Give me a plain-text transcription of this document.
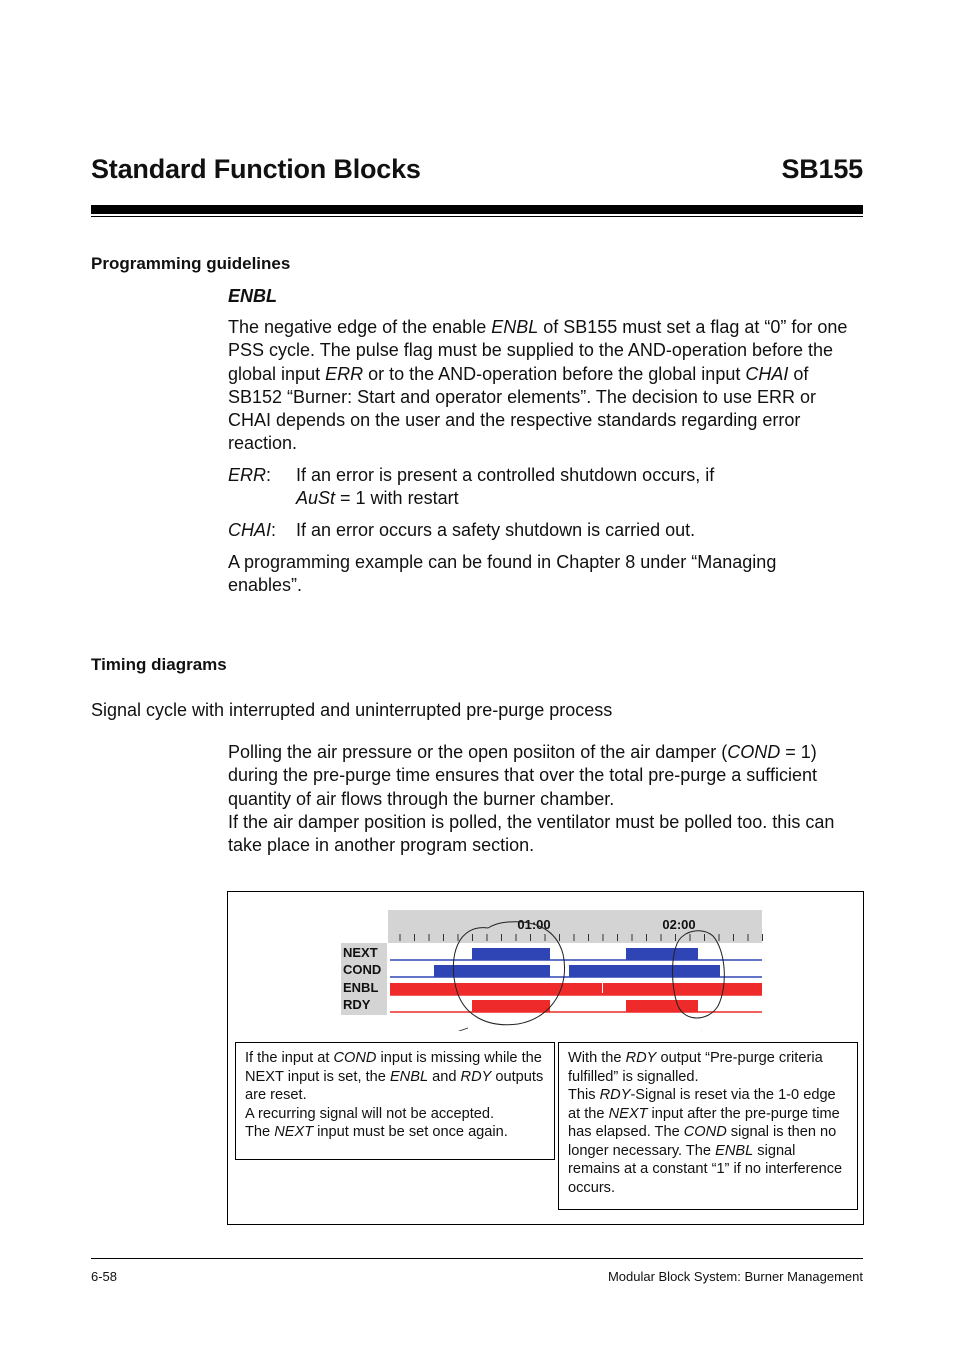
Standard Function Blocks	SB155
Programming guidelines
ENBL
The negative edge of the enable ENBL of SB155 must set a flag at “0” for one PSS cycle. The pulse flag must be supplied to the AND-operation before the global input ERR or to the AND-operation before the global input CHAI of SB152 “Burner: Start and operator elements”. The decision to use ERR or CHAI depends on the user and the respective standards regarding error reaction.
ERR: If an error is present a controlled shutdown occurs, if
AuSt = 1 with restart
CHAI: If an error occurs a safety shutdown is carried out.
A programming example can be found in Chapter 8 under “Managing enables”.
Timing diagrams
Signal cycle with interrupted and uninterrupted pre-purge process
Polling the air pressure or the open posiiton of the air damper (COND = 1) during the pre-purge time ensures that over the total pre-purge a sufficient quantity of air flows through the burner chamber.
If the air damper position is polled, the ventilator must be polled too. this can take place in another program section.
01:00	02:00
NEXT
COND
ENBL
RDY
If the input at COND input is missing while the NEXT input is set, the ENBL and RDY outputs are reset.
A recurring signal will not be accepted.
The NEXT input must be set once again.
With the RDY output “Pre-purge criteria fulfilled” is signalled.
This RDY-Signal is reset via the 1-0 edge at the NEXT input after the pre-purge time has elapsed. The COND signal is then no longer necessary. The ENBL signal remains at a constant “1” if no interference occurs.
6-58	Modular Block System: Burner Management
